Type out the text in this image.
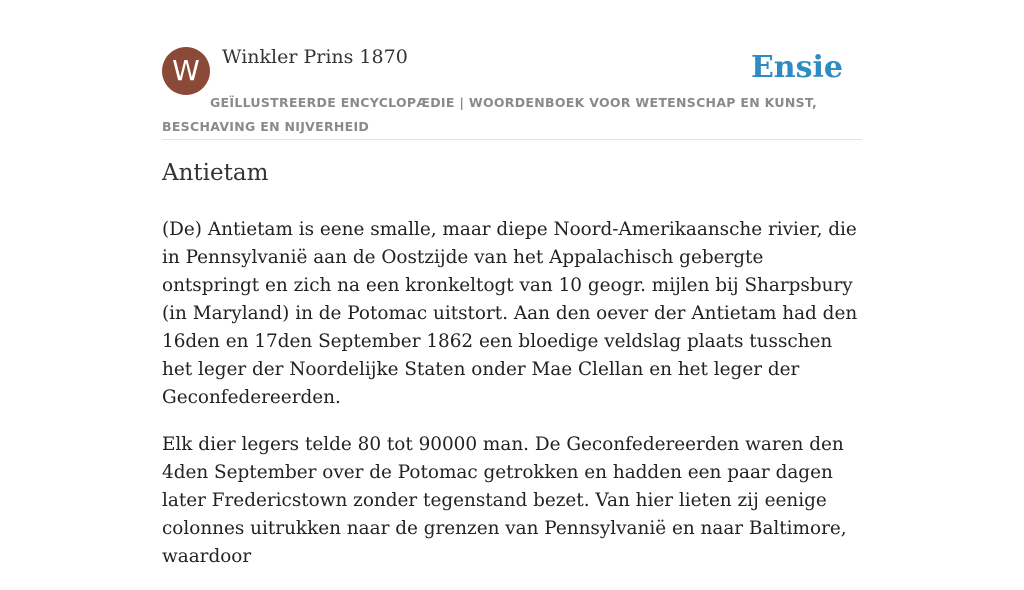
W	Winkler Prins 1870	Ensie
GEÏLLUSTREERDE ENCYCLOPÆDIE | WOORDENBOEK VOOR WETENSCHAP EN KUNST, BESCHAVING EN NIJVERHEID
Antietam

(De) Antietam is eene smalle, maar diepe Noord-Amerikaansche rivier, die in Pennsylvanië aan de Oostzijde van het Appalachisch gebergte ontspringt en zich na een kronkeltogt van 10 geogr. mijlen bij Sharpsbury (in Maryland) in de Potomac uitstort. Aan den oever der Antietam had den 16den en 17den September 1862 een bloedige veldslag plaats tusschen het leger der Noordelijke Staten onder Mae Clellan en het leger der Geconfedereerden.

Elk dier legers telde 80 tot 90000 man. De Geconfedereerden waren den 4den September over de Potomac getrokken en hadden een paar dagen later Fredericstown zonder tegenstand bezet. Van hier lieten zij eenige colonnes uitrukken naar de grenzen van Pennsylvanië en naar Baltimore, waardoor
